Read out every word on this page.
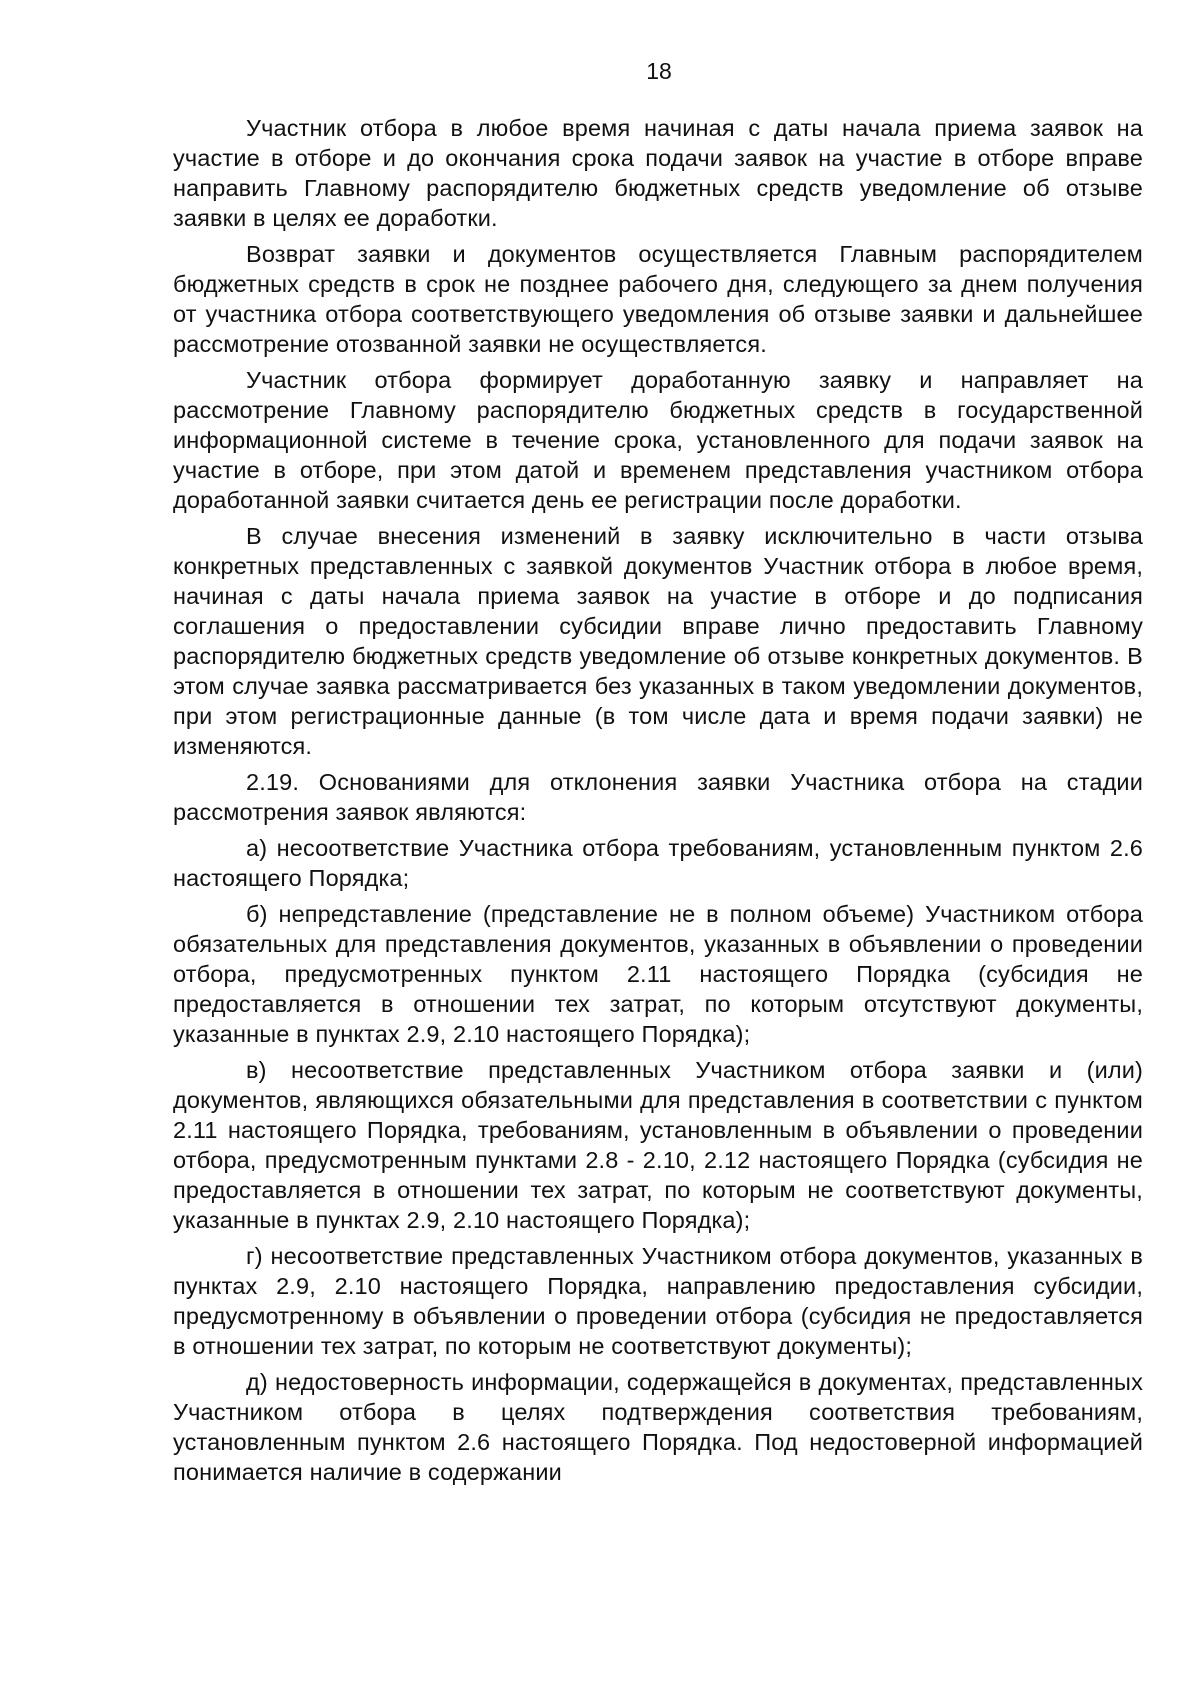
18

Участник отбора в любое время начиная с даты начала приема заявок на участие в отборе и до окончания срока подачи заявок на участие в отборе вправе направить Главному распорядителю бюджетных средств уведомление об отзыве заявки в целях ее доработки.

Возврат заявки и документов осуществляется Главным распорядителем бюджетных средств в срок не позднее рабочего дня, следующего за днем получения от участника отбора соответствующего уведомления об отзыве заявки и дальнейшее рассмотрение отозванной заявки не осуществляется.

Участник отбора формирует доработанную заявку и направляет на рассмотрение Главному распорядителю бюджетных средств в государственной информационной системе в течение срока, установленного для подачи заявок на участие в отборе, при этом датой и временем представления участником отбора доработанной заявки считается день ее регистрации после доработки.

В случае внесения изменений в заявку исключительно в части отзыва конкретных представленных с заявкой документов Участник отбора в любое время, начиная с даты начала приема заявок на участие в отборе и до подписания соглашения о предоставлении субсидии вправе лично предоставить Главному распорядителю бюджетных средств уведомление об отзыве конкретных документов. В этом случае заявка рассматривается без указанных в таком уведомлении документов, при этом регистрационные данные (в том числе дата и время подачи заявки) не изменяются.

2.19. Основаниями для отклонения заявки Участника отбора на стадии рассмотрения заявок являются:

а) несоответствие Участника отбора требованиям, установленным пунктом 2.6 настоящего Порядка;

б) непредставление (представление не в полном объеме) Участником отбора обязательных для представления документов, указанных в объявлении о проведении отбора, предусмотренных пунктом 2.11 настоящего Порядка (субсидия не предоставляется в отношении тех затрат, по которым отсутствуют документы, указанные в пунктах 2.9, 2.10 настоящего Порядка);

в) несоответствие представленных Участником отбора заявки и (или) документов, являющихся обязательными для представления в соответствии с пунктом 2.11 настоящего Порядка, требованиям, установленным в объявлении о проведении отбора, предусмотренным пунктами 2.8 - 2.10, 2.12 настоящего Порядка (субсидия не предоставляется в отношении тех затрат, по которым не соответствуют документы, указанные в пунктах 2.9, 2.10 настоящего Порядка);

г) несоответствие представленных Участником отбора документов, указанных в пунктах 2.9, 2.10 настоящего Порядка, направлению предоставления субсидии, предусмотренному в объявлении о проведении отбора (субсидия не предоставляется в отношении тех затрат, по которым не соответствуют документы);

д) недостоверность информации, содержащейся в документах, представленных Участником отбора в целях подтверждения соответствия требованиям, установленным пунктом 2.6 настоящего Порядка. Под недостоверной информацией понимается наличие в содержании
